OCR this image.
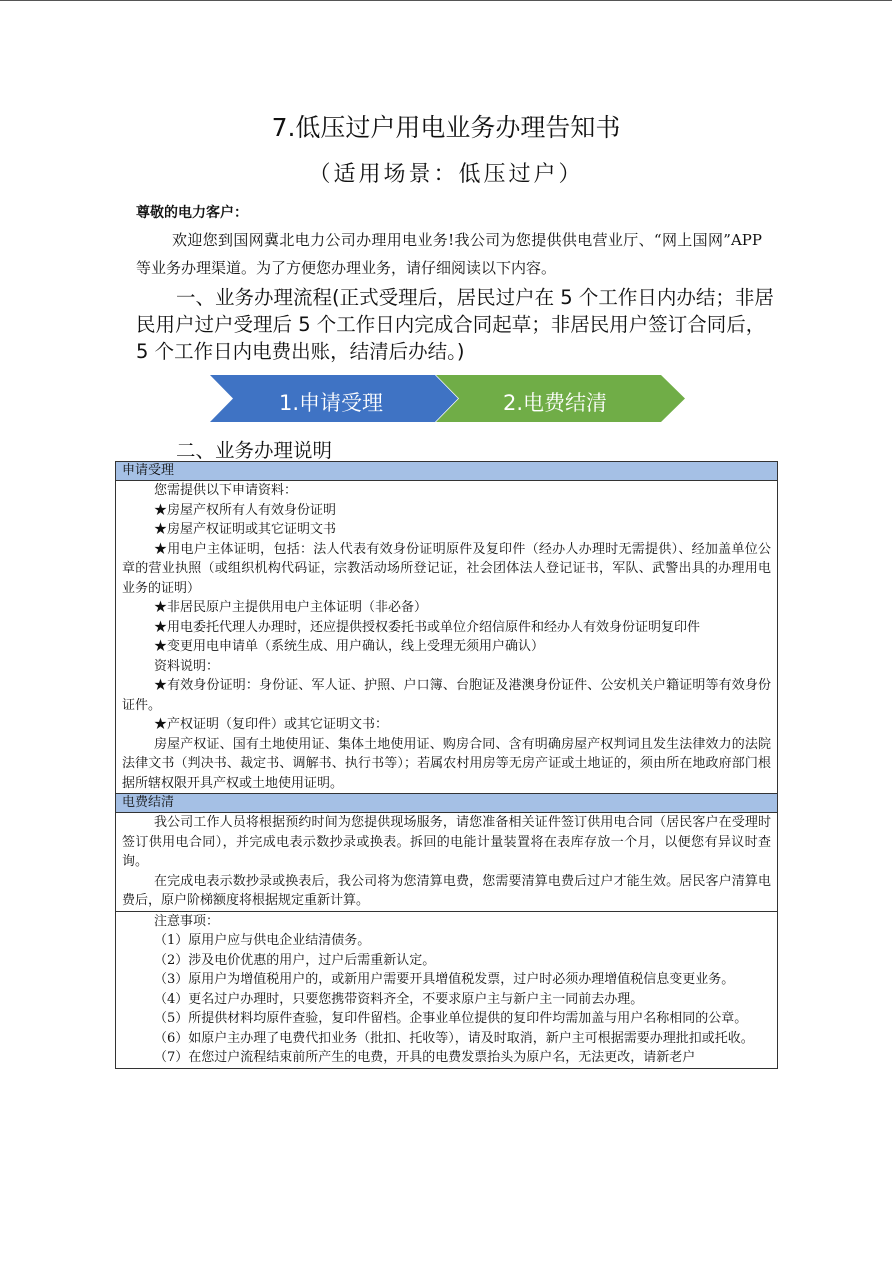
7.低压过户用电业务办理告知书
（适用场景：低压过户）
尊敬的电力客户：
欢迎您到国网冀北电力公司办理用电业务!我公司为您提供供电营业厅、“网上国网”APP 等业务办理渠道。为了方便您办理业务，请仔细阅读以下内容。
一、业务办理流程(正式受理后，居民过户在 5 个工作日内办结；非居民用户过户受理后 5 个工作日内完成合同起草；非居民用户签订合同后，5 个工作日内电费出账，结清后办结。)
1.申请受理	2.电费结清
二、业务办理说明
申请受理

您需提供以下申请资料：

★房屋产权所有人有效身份证明

★房屋产权证明或其它证明文书

★用电户主体证明，包括：法人代表有效身份证明原件及复印件（经办人办理时无需提供）、经加盖单位公章的营业执照（或组织机构代码证，宗教活动场所登记证，社会团体法人登记证书，军队、武警出具的办理用电业务的证明）

★非居民原户主提供用电户主体证明（非必备）

★用电委托代理人办理时，还应提供授权委托书或单位介绍信原件和经办人有效身份证明复印件

★变更用电申请单（系统生成、用户确认，线上受理无须用户确认）

资料说明：

★有效身份证明：身份证、军人证、护照、户口簿、台胞证及港澳身份证件、公安机关户籍证明等有效身份证件。

★产权证明（复印件）或其它证明文书：

房屋产权证、国有土地使用证、集体土地使用证、购房合同、含有明确房屋产权判词且发生法律效力的法院法律文书（判决书、裁定书、调解书、执行书等）；若属农村用房等无房产证或土地证的，须由所在地政府部门根据所辖权限开具产权或土地使用证明。

电费结清

我公司工作人员将根据预约时间为您提供现场服务，请您准备相关证件签订供用电合同（居民客户在受理时签订供用电合同），并完成电表示数抄录或换表。拆回的电能计量装置将在表库存放一个月，以便您有异议时查询。

在完成电表示数抄录或换表后，我公司将为您清算电费，您需要清算电费后过户才能生效。居民客户清算电费后，原户阶梯额度将根据规定重新计算。

注意事项：

（1）原用户应与供电企业结清债务。

（2）涉及电价优惠的用户，过户后需重新认定。

（3）原用户为增值税用户的，或新用户需要开具增值税发票，过户时必须办理增值税信息变更业务。

（4）更名过户办理时，只要您携带资料齐全，不要求原户主与新户主一同前去办理。

（5）所提供材料均原件查验，复印件留档。企事业单位提供的复印件均需加盖与用户名称相同的公章。

（6）如原户主办理了电费代扣业务（批扣、托收等），请及时取消，新户主可根据需要办理批扣或托收。

（7）在您过户流程结束前所产生的电费，开具的电费发票抬头为原户名，无法更改，请新老户
